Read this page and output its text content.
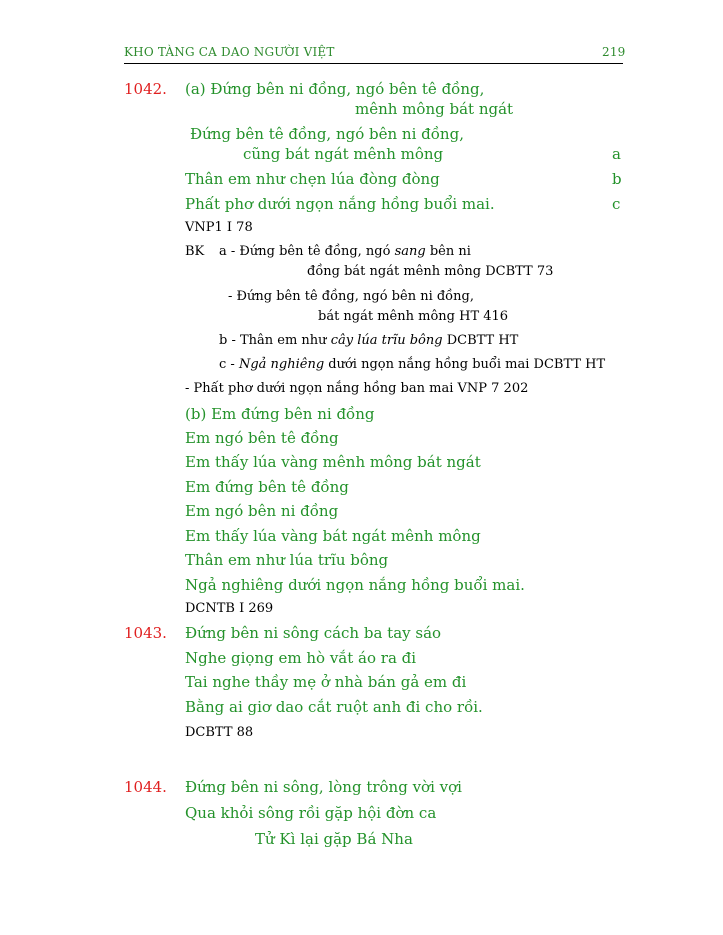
KHO TÀNG CA DAO NGƯỜI VIỆT	219
1042. (a) Đứng bên ni đồng, ngó bên tê đồng,
mênh mông bát ngát
Đứng bên tê đồng, ngó bên ni đồng,
cũng bát ngát mênh mông	a
Thân em như chẹn lúa đòng đòng	b
Phất phơ dưới ngọn nắng hồng buổi mai.	c
VNP1 I 78
BK a - Đứng bên tê đồng, ngó sang bên ni
đồng bát ngát mênh mông DCBTT 73
- Đứng bên tê đồng, ngó bên ni đồng,
bát ngát mênh mông HT 416
b - Thân em như cây lúa trĩu bông DCBTT HT
c - Ngả nghiêng dưới ngọn nắng hồng buổi mai DCBTT HT
- Phất phơ dưới ngọn nắng hồng ban mai VNP 7 202
(b) Em đứng bên ni đồng
Em ngó bên tê đồng
Em thấy lúa vàng mênh mông bát ngát
Em đứng bên tê đồng
Em ngó bên ni đồng
Em thấy lúa vàng bát ngát mênh mông
Thân em như lúa trĩu bông
Ngả nghiêng dưới ngọn nắng hồng buổi mai.
DCNTB I 269
1043. Đứng bên ni sông cách ba tay sáo
Nghe giọng em hò vắt áo ra đi
Tai nghe thầy mẹ ở nhà bán gả em đi
Bằng ai giơ dao cắt ruột anh đi cho rồi.
DCBTT 88
1044. Đứng bên ni sông, lòng trông vời vợi
Qua khỏi sông rồi gặp hội đờn ca
Tử Kì lại gặp Bá Nha
